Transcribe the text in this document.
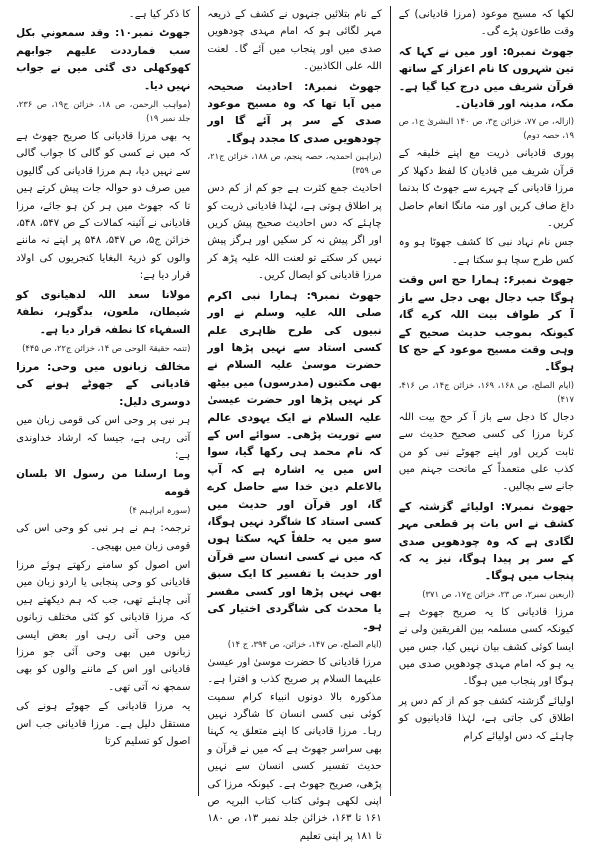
لکھا کہ مسیح موعود (مرزا قادیانی) کے وقت طاعون پڑے گی۔

جھوٹ نمبر۵: اور میں نے کہا کہ تین شہروں کا نام اعزاز کے ساتھ قرآن شریف میں درج کیا گیا ہے۔ مکہ، مدینہ اور قادیان۔

(ازالہ، ص ۷۷، خزائن ج۳، ص ۱۴۰ البشریٰ ج۱، ص ۱۹، حصہ دوم)

پوری قادیانی ذریت مع اپنے خلیفہ کے قرآن شریف میں قادیان کا لفظ دکھلا کر مرزا قادیانی کے چہرے سے جھوٹ کا بدنما داغ صاف کریں اور منہ مانگا انعام حاصل کریں۔

جس نام نہاد نبی کا کشف جھوٹا ہو وہ کس طرح سچا ہو سکتا ہے۔

جھوٹ نمبر۶: ہمارا حج اس وقت ہوگا جب دجال بھی دجل سے باز آ کر طواف بیت اللہ کرے گا، کیونکہ بموجب حدیث صحیح کے وہی وقت مسیح موعود کے حج کا ہوگا۔

(ایام الصلح، ص ۱۶۸، ۱۶۹، خزائن ج۱۴، ص ۴۱۶، ۴۱۷)

دجال کا دجل سے باز آ کر حج بیت اللہ کرنا مرزا کی کسی صحیح حدیث سے ثابت کریں اور اپنے جھوٹے نبی کو من کذب علی متعمداً کے ماتحت جہنم میں جانے سے بچالیں۔

جھوٹ نمبر۷: اولیائے گزشتہ کے کشف نے اس بات پر قطعی مہر لگادی ہے کہ وہ چودھویں صدی کے سر پر پیدا ہوگا، نیز یہ کہ پنجاب میں ہوگا۔

(اربعین نمبر۲، ص ۲۳، خزائن ج۱۷، ص ۳۷۱)

مرزا قادیانی کا یہ صریح جھوٹ ہے کیونکہ کسی مسلمہ بین الفریقین ولی نے ایسا کوئی کشف بیان نہیں کیا، جس میں یہ ہو کہ امام مہدی چودھویں صدی میں ہوگا اور پنجاب میں ہوگا۔

اولیائے گزشتہ کشف جو کم از کم دس پر اطلاق کی جاتی ہے، لہٰذا قادیانیوں کو چاہئے کہ دس اولیائے کرام

کے نام بتلائیں جنہوں نے کشف کے ذریعہ مہر لگائی ہو کہ امام مہدی چودھویں صدی میں اور پنجاب میں آئے گا۔ لعنت اللہ علی الکاذبین۔

جھوٹ نمبر۸: احادیث صحیحہ میں آیا تھا کہ وہ مسیح موعود صدی کے سر پر آئے گا اور چودھویں صدی کا مجدد ہوگا۔

(براہین احمدیہ، حصہ پنجم، ص ۱۸۸، خزائن ج۲۱، ص ۳۵۹)

احادیث جمع کثرت ہے جو کم از کم دس پر اطلاق ہوتی ہے، لہٰذا قادیانی ذریت کو چاہئے کہ دس احادیث صحیح پیش کریں اور اگر پیش نہ کر سکیں اور ہرگز پیش نہیں کر سکتے تو لعنت اللہ علیہ پڑھ کر مرزا قادیانی کو ایصال کریں۔

جھوٹ نمبر۹: ہمارا نبی اکرم صلی اللہ علیہ وسلم نے اور نبیوں کی طرح ظاہری علم کسی استاد سے نہیں پڑھا اور حضرت موسیٰ علیہ السلام نے بھی مکتبوں (مدرسوں) میں بیٹھ کر نہیں پڑھا اور حضرت عیسیٰ علیہ السلام نے ایک یہودی عالم سے توریت پڑھی۔ سوائے اس کے کہ نام محمد ہی رکھا گیا، سوا اس میں یہ اشارہ ہے کہ آپ بالاعلم دین خدا سے حاصل کرے گا، اور قرآن اور حدیث میں کسی استاد کا شاگرد نہیں ہوگا، سو میں یہ حلفاً کہہ سکتا ہوں کہ میں نے کسی انسان سے قرآن اور حدیث یا تفسیر کا ایک سبق بھی نہیں پڑھا اور کسی مفسر یا محدث کی شاگردی اختیار کی ہو۔

(ایام الصلح، ص ۱۴۷، خزائن، ص ۳۹۴، ج ۱۴)

مرزا قادیانی کا حضرت موسیٰ اور عیسیٰ علیہما السلام پر صریح کذب و افترا ہے۔ مذکورہ بالا دونوں انبیاء کرام سمیت کوئی نبی کسی انسان کا شاگرد نہیں رہا۔ مرزا قادیانی کا اپنے متعلق یہ کہنا بھی سراسر جھوٹ ہے کہ میں نے قرآن و حدیث تفسیر کسی انسان سے نہیں پڑھی، صریح جھوٹ ہے۔ کیونکہ مرزا کی اپنی لکھی ہوئی کتاب کتاب البریہ ص ۱۶۱ تا ۱۶۳، خزائن جلد نمبر ۱۳، ص ۱۸۰ تا ۱۸۱ پر اپنی تعلیم

کا ذکر کیا ہے۔

جھوٹ نمبر۱۰: وقد سمعوني بكل سب فمارددت عليهم جوابهم کھوکھلی دی گئی میں نے جواب نہیں دیا۔

(مواہب الرحمن، ص ۱۸، خزائن ج۱۹، ص ۲۳۶، جلد نمبر ۱۹)

یہ بھی مرزا قادیانی کا صریح جھوٹ ہے کہ میں نے کسی کو گالی کا جواب گالی سے نہیں دیا، ہم مرزا قادیانی کی گالیوں میں صرف دو حوالہ جات پیش کرتے ہیں تا کہ جھوٹ میں ہر کن ہو جائے، مرزا قادیانی نے آئینہ کمالات کے ص ۵۴۷، ۵۴۸، خزائن ج۵، ص ۵۴۷، ۵۴۸ پر اپنے نہ ماننے والوں کو ذریۃ البغایا کنجریوں کی اولاد قرار دیا ہے:

مولانا سعد اللہ لدھیانوی کو شیطان، ملعون، بدگوہر، نطفۂ السفہاء کا نطفہ قرار دیا ہے۔

(تتمہ حقیقۃ الوحی ص ۱۴، خزائن ج۲۲، ص ۴۴۵)

مخالف زبانوں میں وحی: مرزا قادیانی کے جھوٹے ہونے کی دوسری دلیل:

ہر نبی پر وحی اس کی قومی زبان میں آتی رہی ہے، جیسا کہ ارشاد خداوندی ہے:

وما ارسلنا من رسول الا بلسان قومه

(سورہ ابراہیم ۴)

ترجمہ: ہم نے ہر نبی کو وحی اس کی قومی زبان میں بھیجی۔

اس اصول کو سامنے رکھتے ہوئے مرزا قادیانی کو وحی پنجابی یا اردو زبان میں آنی چاہئے تھی، جب کہ ہم دیکھتے ہیں کہ مرزا قادیانی کو کئی مختلف زبانوں میں وحی آتی رہی اور بعض ایسی زبانوں میں بھی وحی آئی جو مرزا قادیانی اور اس کے ماننے والوں کو بھی سمجھ نہ آتی تھی۔

یہ مرزا قادیانی کے جھوٹے ہونے کی مستقل دلیل ہے۔ مرزا قادیانی جب اس اصول کو تسلیم کرتا
